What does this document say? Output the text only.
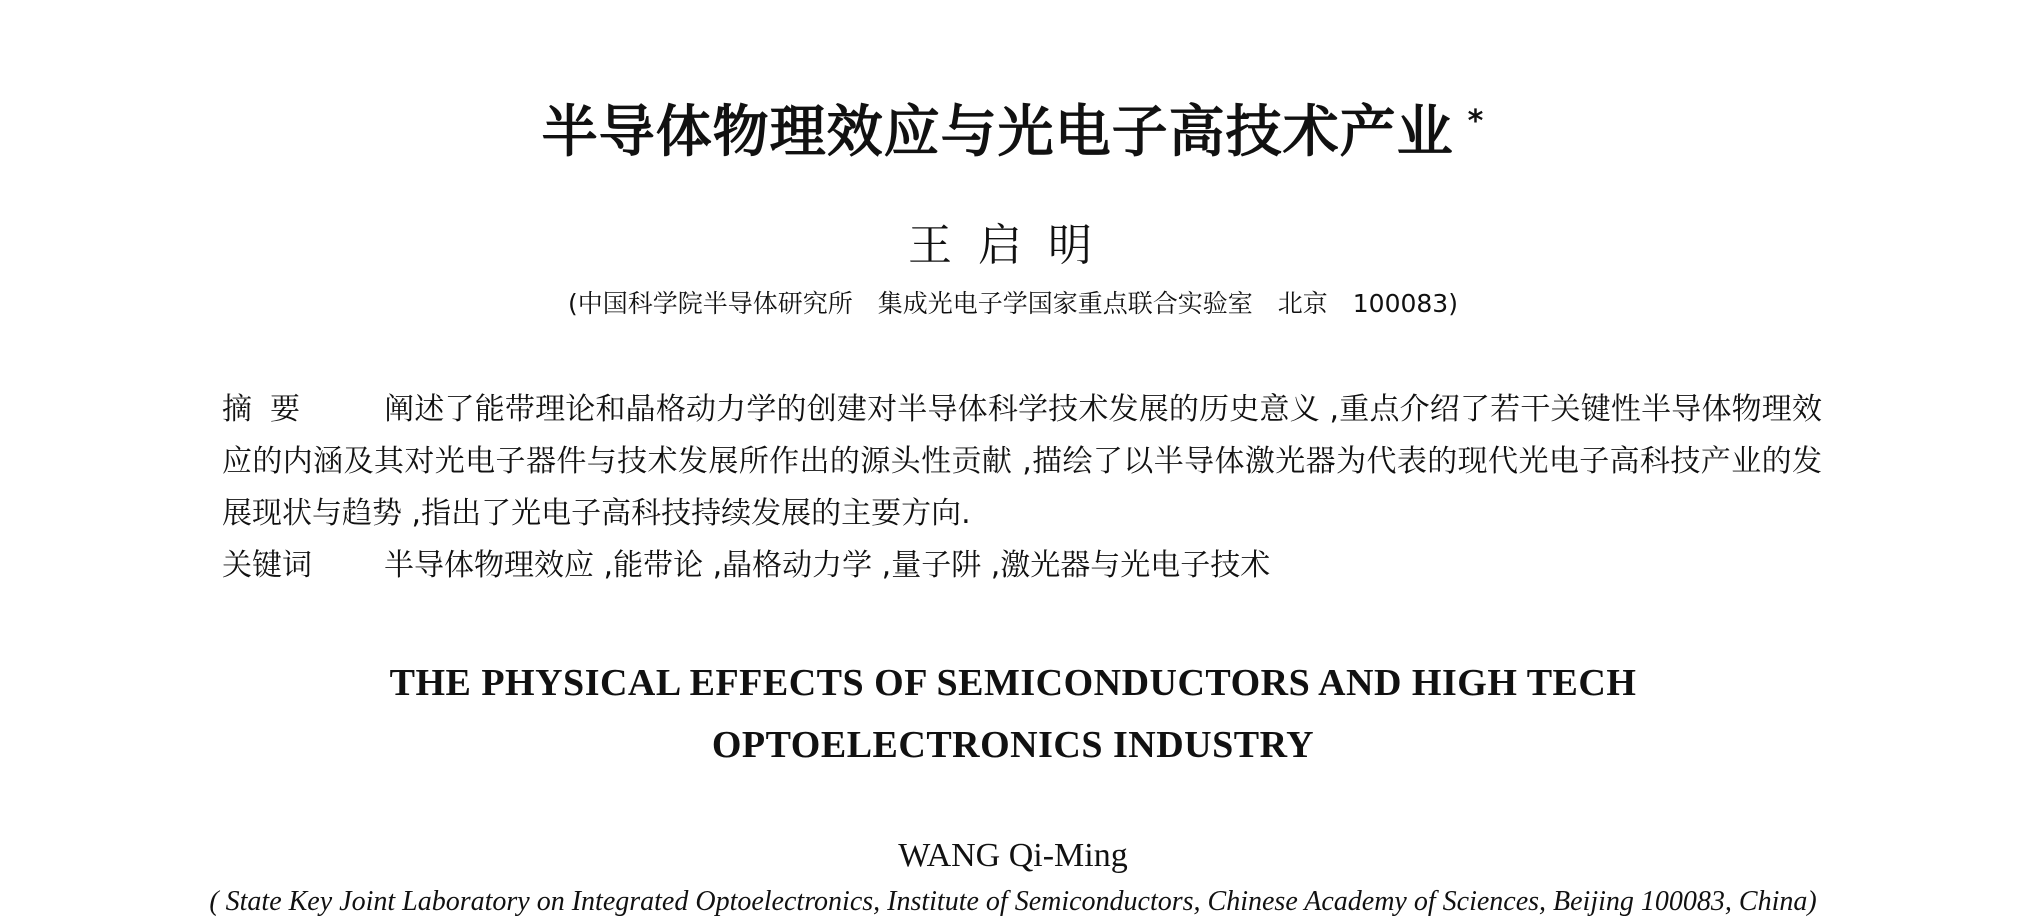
半导体物理效应与光电子高技术产业 *
王启明
(中国科学院半导体研究所　集成光电子学国家重点联合实验室　北京　100083)
摘要 阐述了能带理论和晶格动力学的创建对半导体科学技术发展的历史意义 ,重点介绍了若干关键性半导体物理效应的内涵及其对光电子器件与技术发展所作出的源头性贡献 ,描绘了以半导体激光器为代表的现代光电子高科技产业的发展现状与趋势 ,指出了光电子高科技持续发展的主要方向.
关键词 半导体物理效应 ,能带论 ,晶格动力学 ,量子阱 ,激光器与光电子技术
THE PHYSICAL EFFECTS OF SEMICONDUCTORS AND HIGH TECH
OPTOELECTRONICS INDUSTRY
WANG Qi-Ming
( State Key Joint Laboratory on Integrated Optoelectronics, Institute of Semiconductors, Chinese Academy of Sciences, Beijing 100083, China)
